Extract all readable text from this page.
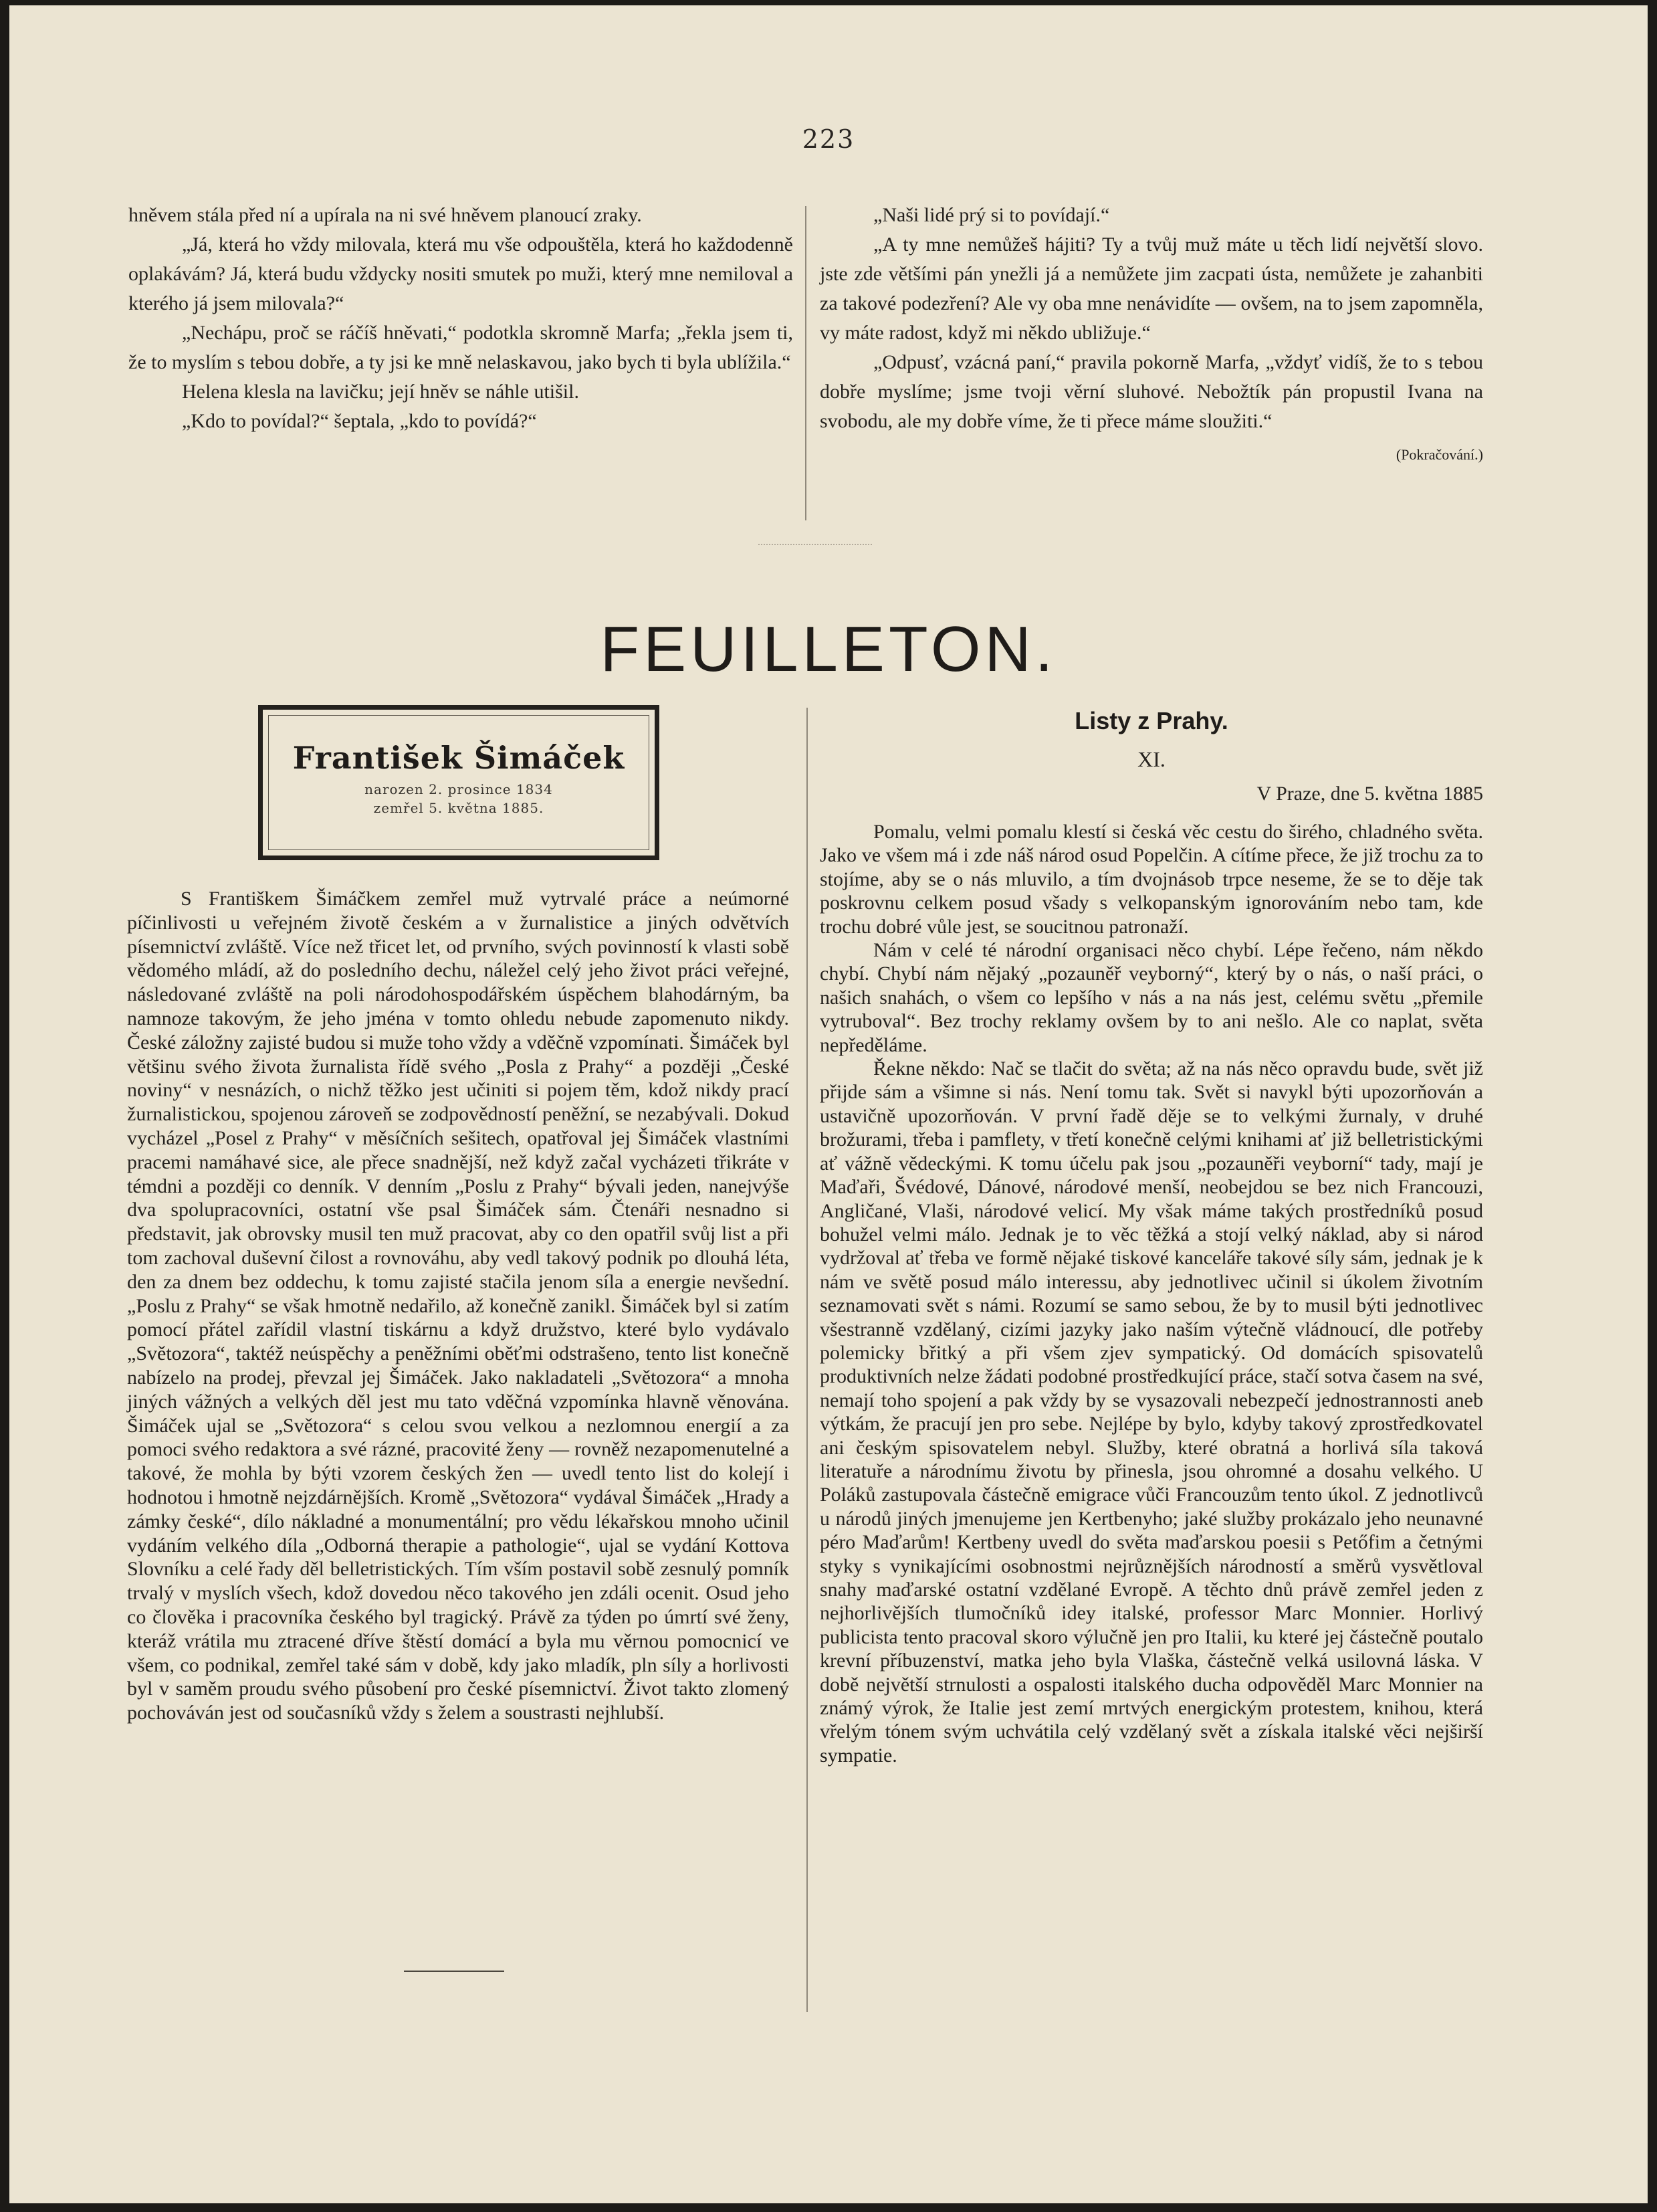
223

hněvem stála před ní a upírala na ni své hněvem planoucí zraky.

„Já, která ho vždy milovala, která mu vše odpouštěla, která ho každodenně oplakávám? Já, která budu vždycky nositi smutek po muži, který mne nemiloval a kterého já jsem milovala?“

„Nechápu, proč se ráčíš hněvati,“ podotkla skromně Marfa; „řekla jsem ti, že to myslím s tebou dobře, a ty jsi ke mně nelaskavou, jako bych ti byla ublížila.“

Helena klesla na lavičku; její hněv se náhle utišil.

„Kdo to povídal?“ šeptala, „kdo to povídá?“

„Naši lidé prý si to povídají.“

„A ty mne nemůžeš hájiti? Ty a tvůj muž máte u těch lidí největší slovo. jste zde většími pán ynežli já a nemůžete jim zacpati ústa, nemůžete je zahanbiti za takové podezření? Ale vy oba mne nenávidíte — ovšem, na to jsem zapomněla, vy máte radost, když mi někdo ubližuje.“

„Odpusť, vzácná paní,“ pravila pokorně Marfa, „vždyť vidíš, že to s tebou dobře myslíme; jsme tvoji věrní sluhové. Nebožtík pán propustil Ivana na svobodu, ale my dobře víme, že ti přece máme sloužiti.“

(Pokračování.)

FEUILLETON.
František Šimáček
narozen 2. prosince 1834
zemřel 5. května 1885.

S Františkem Šimáčkem zemřel muž vytrvalé práce a neúmorné píčinlivosti u veřejném životě českém a v žurnalistice a jiných odvětvích písemnictví zvláště. Více než třicet let, od prvního, svých povinností k vlasti sobě vědomého mládí, až do posledního dechu, náležel celý jeho život práci veřejné, následované zvláště na poli národohospodářském úspěchem blahodárným, ba namnoze takovým, že jeho jména v tomto ohledu nebude zapomenuto nikdy. České záložny zajisté budou si muže toho vždy a vděčně vzpomínati. Šimáček byl většinu svého života žurnalista řídě svého „Posla z Prahy“ a později „České noviny“ v nesnázích, o nichž těžko jest učiniti si pojem těm, kdož nikdy prací žurnalistickou, spojenou zároveň se zodpovědností peněžní, se nezabývali. Dokud vycházel „Posel z Prahy“ v měsíčních sešitech, opatřoval jej Šimáček vlastními pracemi namáhavé sice, ale přece snadnější, než když začal vycházeti třikráte v témdni a později co denník. V denním „Poslu z Prahy“ bývali jeden, nanejvýše dva spolupracovníci, ostatní vše psal Šimáček sám. Čtenáři nesnadno si představit, jak obrovsky musil ten muž pracovat, aby co den opatřil svůj list a při tom zachoval duševní čilost a rovnováhu, aby vedl takový podnik po dlouhá léta, den za dnem bez oddechu, k tomu zajisté stačila jenom síla a energie nevšední. „Poslu z Prahy“ se však hmotně nedařilo, až konečně zanikl. Šimáček byl si zatím pomocí přátel zařídil vlastní tiskárnu a když družstvo, které bylo vydávalo „Světozora“, taktéž neúspěchy a peněžními oběťmi odstrašeno, tento list konečně nabízelo na prodej, převzal jej Šimáček. Jako nakladateli „Světozora“ a mnoha jiných vážných a velkých děl jest mu tato vděčná vzpomínka hlavně věnována. Šimáček ujal se „Světozora“ s celou svou velkou a nezlomnou energií a za pomoci svého redaktora a své rázné, pracovité ženy — rovněž nezapomenutelné a takové, že mohla by býti vzorem českých žen — uvedl tento list do kolejí i hodnotou i hmotně nejzdárnějších. Kromě „Světozora“ vydával Šimáček „Hrady a zámky české“, dílo nákladné a monumentální; pro vědu lékařskou mnoho učinil vydáním velkého díla „Odborná therapie a pathologie“, ujal se vydání Kottova Slovníku a celé řady děl belletristických. Tím vším postavil sobě zesnulý pomník trvalý v myslích všech, kdož dovedou něco takového jen zdáli ocenit. Osud jeho co člověka i pracovníka českého byl tragický. Právě za týden po úmrtí své ženy, kteráž vrátila mu ztracené dříve štěstí domácí a byla mu věrnou pomocnicí ve všem, co podnikal, zemřel také sám v době, kdy jako mladík, pln síly a horlivosti byl v saměm proudu svého působení pro české písemnictví. Život takto zlomený pochováván jest od současníků vždy s želem a soustrasti nejhlubší.

Listy z Prahy.
XI.
V Praze, dne 5. května 1885

Pomalu, velmi pomalu klestí si česká věc cestu do širého, chladného světa. Jako ve všem má i zde náš národ osud Popelčin. A cítíme přece, že již trochu za to stojíme, aby se o nás mluvilo, a tím dvojnásob trpce neseme, že se to děje tak poskrovnu celkem posud všady s velkopanským ignorováním nebo tam, kde trochu dobré vůle jest, se soucitnou patronaží.

Nám v celé té národní organisaci něco chybí. Lépe řečeno, nám někdo chybí. Chybí nám nějaký „pozauněř veyborný“, který by o nás, o naší práci, o našich snahách, o všem co lepšího v nás a na nás jest, celému světu „přemile vytruboval“. Bez trochy reklamy ovšem by to ani nešlo. Ale co naplat, světa nepředěláme.

Řekne někdo: Nač se tlačit do světa; až na nás něco opravdu bude, svět již přijde sám a všimne si nás. Není tomu tak. Svět si navykl býti upozorňován a ustavičně upozorňován. V první řadě děje se to velkými žurnaly, v druhé brožurami, třeba i pamflety, v třetí konečně celými knihami ať již belletristickými ať vážně vědeckými. K tomu účelu pak jsou „pozauněři veyborní“ tady, mají je Maďaři, Švédové, Dánové, národové menší, neobejdou se bez nich Francouzi, Angličané, Vlaši, národové velicí. My však máme takých prostředníků posud bohužel velmi málo. Jednak je to věc těžká a stojí velký náklad, aby si národ vydržoval ať třeba ve formě nějaké tiskové kanceláře takové síly sám, jednak je k nám ve světě posud málo interessu, aby jednotlivec učinil si úkolem životním seznamovati svět s námi. Rozumí se samo sebou, že by to musil býti jednotlivec všestranně vzdělaný, cizími jazyky jako naším výtečně vládnoucí, dle potřeby polemicky břitký a při všem zjev sympatický. Od domácích spisovatelů produktivních nelze žádati podobné prostředkující práce, stačí sotva časem na své, nemají toho spojení a pak vždy by se vysazovali nebezpečí jednostrannosti aneb výtkám, že pracují jen pro sebe. Nejlépe by bylo, kdyby takový zprostředkovatel ani českým spisovatelem nebyl. Služby, které obratná a horlivá síla taková literatuře a národnímu životu by přinesla, jsou ohromné a dosahu velkého. U Poláků zastupovala částečně emigrace vůči Francouzům tento úkol. Z jednotlivců u národů jiných jmenujeme jen Kertbenyho; jaké služby prokázalo jeho neunavné péro Maďarům! Kertbeny uvedl do světa maďarskou poesii s Petőfim a četnými styky s vynikajícími osobnostmi nejrůznějších národností a směrů vysvětloval snahy maďarské ostatní vzdělané Evropě. A těchto dnů právě zemřel jeden z nejhorlivějších tlumočníků idey italské, professor Marc Monnier. Horlivý publicista tento pracoval skoro výlučně jen pro Italii, ku které jej částečně poutalo krevní příbuzenství, matka jeho byla Vlaška, částečně velká usilovná láska. V době největší strnulosti a ospalosti italského ducha odpověděl Marc Monnier na známý výrok, že Italie jest zemí mrtvých energickým protestem, knihou, která vřelým tónem svým uchvátila celý vzdělaný svět a získala italské věci nejširší sympatie.
